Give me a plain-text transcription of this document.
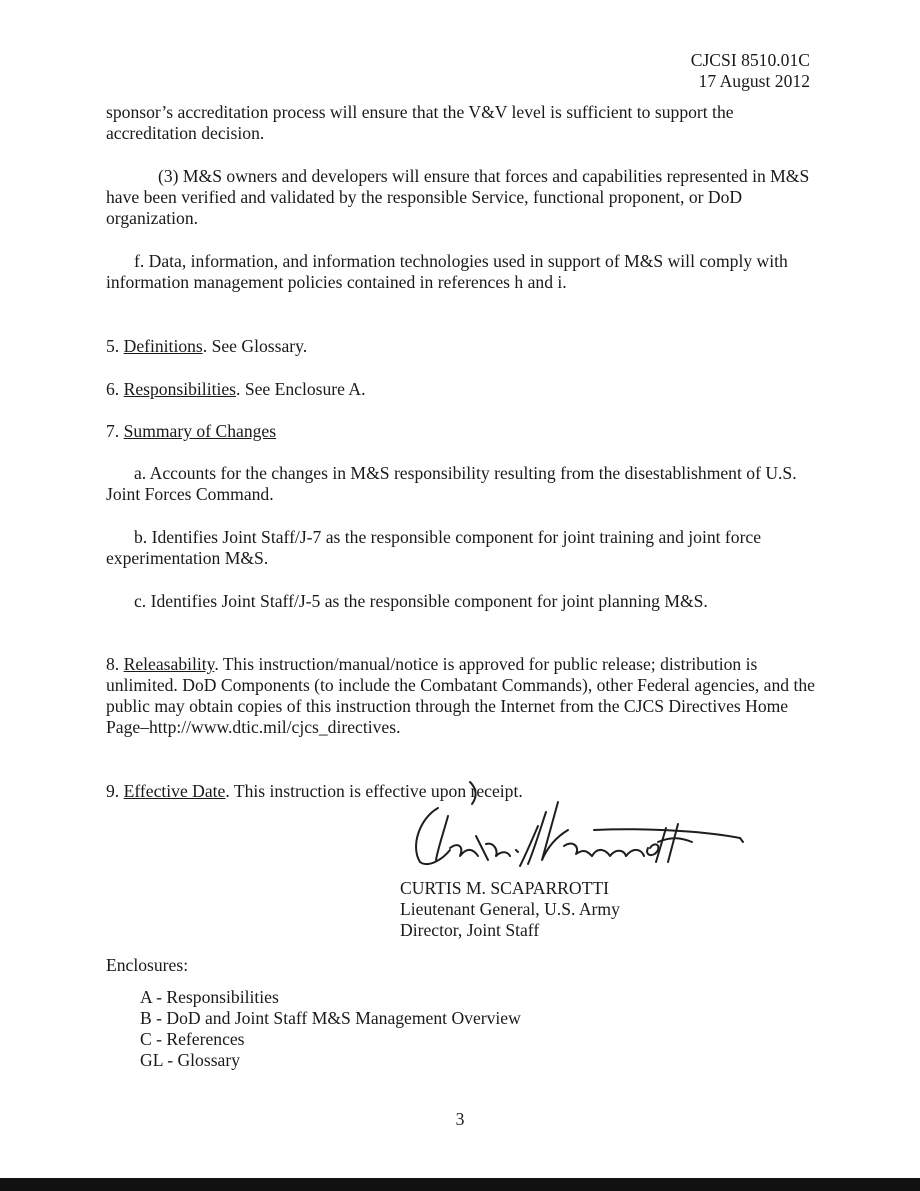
CJCSI 8510.01C
17 August 2012

sponsor’s accreditation process will ensure that the V&V level is sufficient to support the accreditation decision.

(3) M&S owners and developers will ensure that forces and capabilities represented in M&S have been verified and validated by the responsible Service, functional proponent, or DoD organization.

f. Data, information, and information technologies used in support of M&S will comply with information management policies contained in references h and i.

5. Definitions. See Glossary.

6. Responsibilities. See Enclosure A.

7. Summary of Changes

a. Accounts for the changes in M&S responsibility resulting from the disestablishment of U.S. Joint Forces Command.

b. Identifies Joint Staff/J-7 as the responsible component for joint training and joint force experimentation M&S.

c. Identifies Joint Staff/J-5 as the responsible component for joint planning M&S.

8. Releasability. This instruction/manual/notice is approved for public release; distribution is unlimited. DoD Components (to include the Combatant Commands), other Federal agencies, and the public may obtain copies of this instruction through the Internet from the CJCS Directives Home Page–http://www.dtic.mil/cjcs_directives.

9. Effective Date. This instruction is effective upon receipt.

CURTIS M. SCAPARROTTI
Lieutenant General, U.S. Army
Director, Joint Staff

Enclosures:

A - Responsibilities
B - DoD and Joint Staff M&S Management Overview
C - References
GL - Glossary
3
